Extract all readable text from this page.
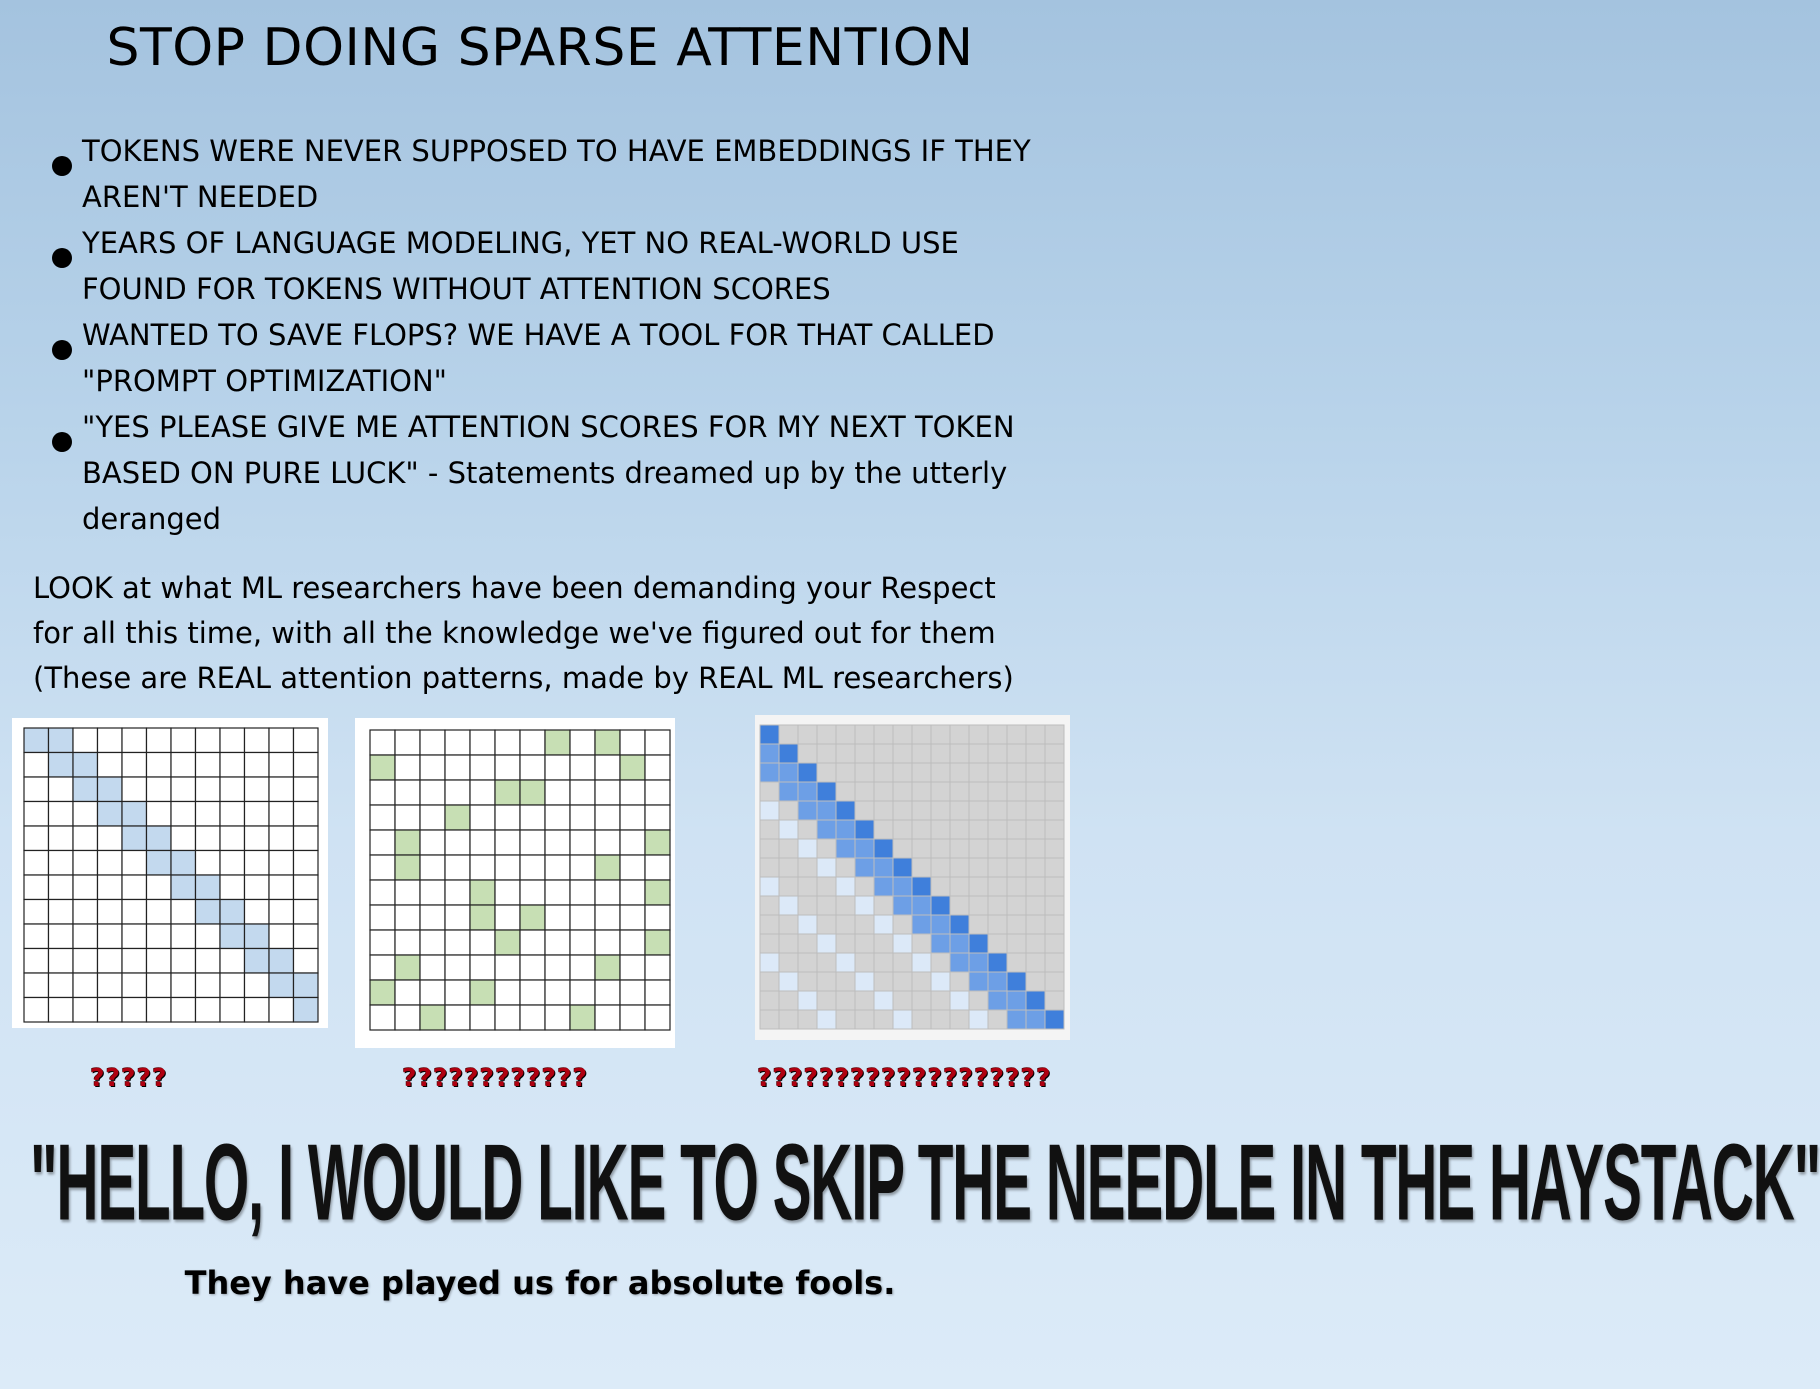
STOP DOING SPARSE ATTENTION
TOKENS WERE NEVER SUPPOSED TO HAVE EMBEDDINGS IF THEY
AREN'T NEEDED
YEARS OF LANGUAGE MODELING, YET NO REAL-WORLD USE
FOUND FOR TOKENS WITHOUT ATTENTION SCORES
WANTED TO SAVE FLOPS? WE HAVE A TOOL FOR THAT CALLED
"PROMPT OPTIMIZATION"
"YES PLEASE GIVE ME ATTENTION SCORES FOR MY NEXT TOKEN
BASED ON PURE LUCK" - Statements dreamed up by the utterly
deranged
LOOK at what ML researchers have been demanding your Respect
for all this time, with all the knowledge we've figured out for them
(These are REAL attention patterns, made by REAL ML researchers)
?????	????????????	???????????????????
"HELLO, I WOULD LIKE TO SKIP THE NEEDLE IN THE HAYSTACK"
They have played us for absolute fools.
